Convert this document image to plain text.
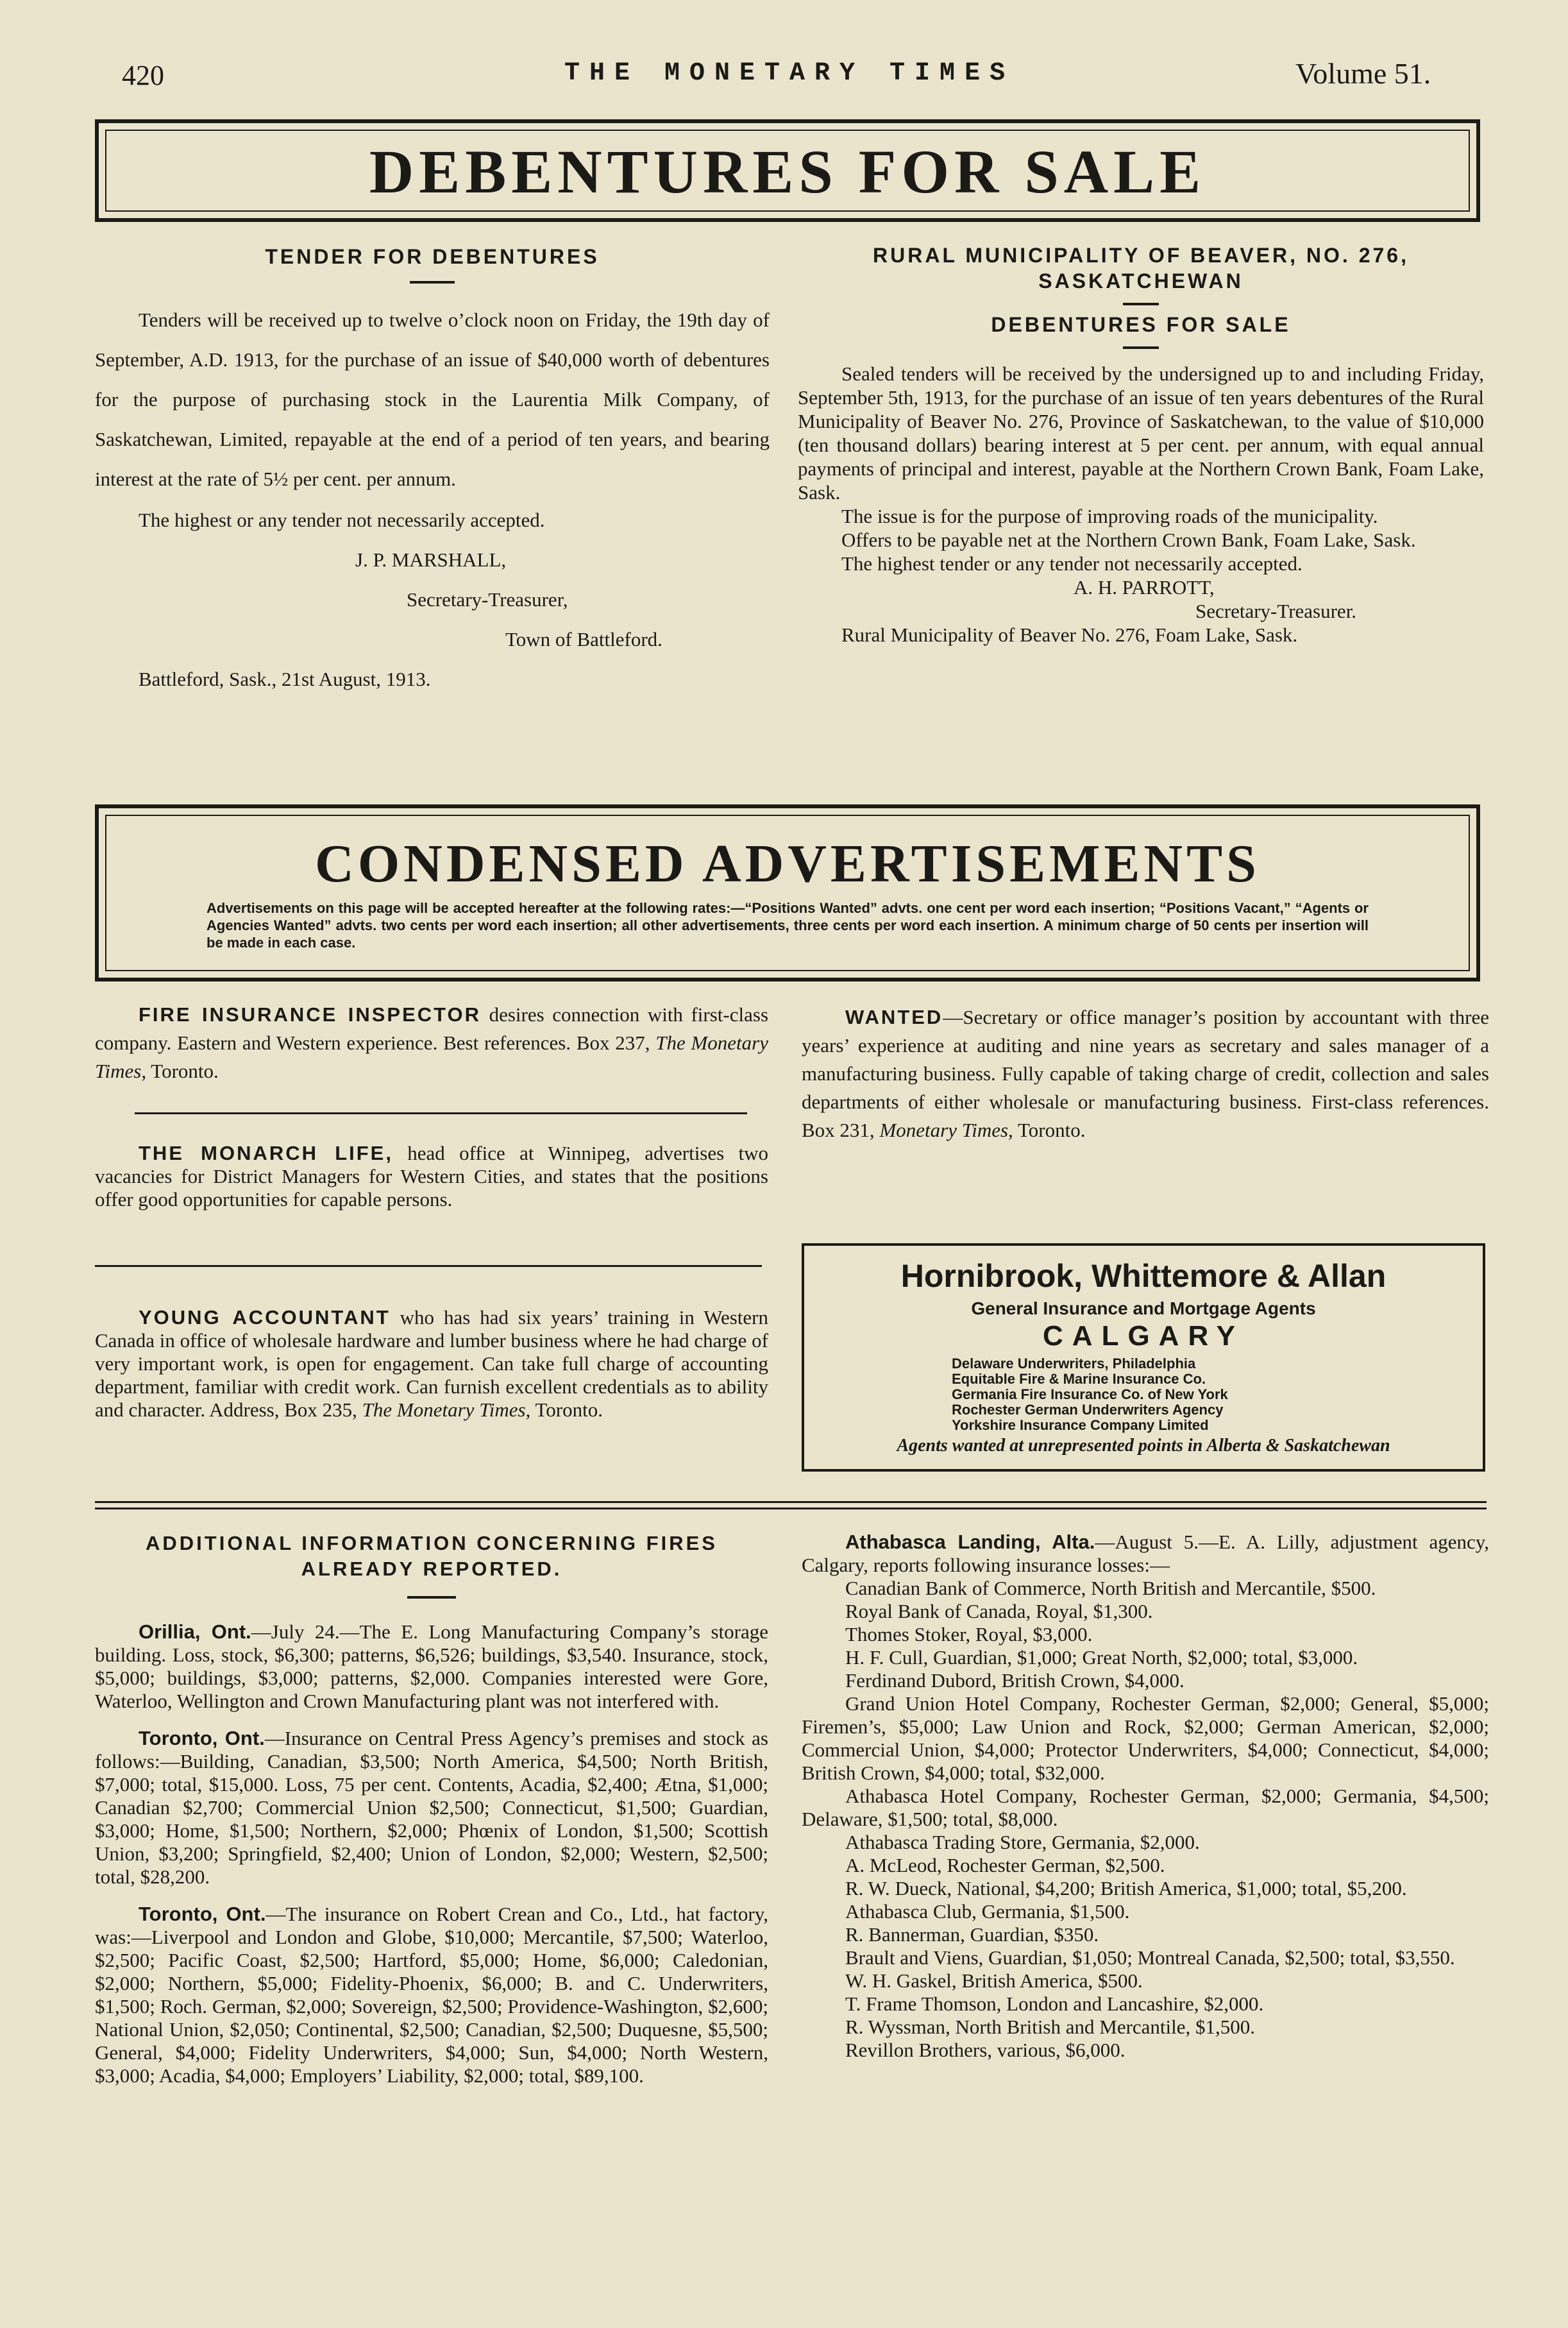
420	THE MONETARY TIMES	Volume 51.
DEBENTURES FOR SALE
TENDER FOR DEBENTURES

Tenders will be received up to twelve o’clock noon on Friday, the 19th day of September, A.D. 1913, for the purchase of an issue of $40,000 worth of debentures for the purpose of purchasing stock in the Laurentia Milk Company, of Saskatchewan, Limited, repayable at the end of a period of ten years, and bearing interest at the rate of 5½ per cent. per annum.

The highest or any tender not necessarily accepted.

J. P. MARSHALL,

Secretary-Treasurer,

Town of Battleford.

Battleford, Sask., 21st August, 1913.

RURAL MUNICIPALITY OF BEAVER, NO. 276,
SASKATCHEWAN
DEBENTURES FOR SALE

Sealed tenders will be received by the undersigned up to and including Friday, September 5th, 1913, for the purchase of an issue of ten years debentures of the Rural Municipality of Beaver No. 276, Province of Saskatchewan, to the value of $10,000 (ten thousand dollars) bearing interest at 5 per cent. per annum, with equal annual payments of principal and interest, payable at the Northern Crown Bank, Foam Lake, Sask.

The issue is for the purpose of improving roads of the municipality.

Offers to be payable net at the Northern Crown Bank, Foam Lake, Sask.

The highest tender or any tender not necessarily accepted.

A. H. PARROTT,

Secretary-Treasurer.

Rural Municipality of Beaver No. 276, Foam Lake, Sask.

CONDENSED ADVERTISEMENTS

Advertisements on this page will be accepted hereafter at the following rates:—“Positions Wanted” advts. one cent per word each insertion; “Positions Vacant,” “Agents or Agencies Wanted” advts. two cents per word each insertion; all other advertisements, three cents per word each insertion. A minimum charge of 50 cents per insertion will be made in each case.

FIRE INSURANCE INSPECTOR desires connection with first-class company. Eastern and Western experience. Best references. Box 237, The Monetary Times, Toronto.

THE MONARCH LIFE, head office at Winnipeg, advertises two vacancies for District Managers for Western Cities, and states that the positions offer good opportunities for capable persons.

YOUNG ACCOUNTANT who has had six years’ training in Western Canada in office of wholesale hardware and lumber business where he had charge of very important work, is open for engagement. Can take full charge of accounting department, familiar with credit work. Can furnish excellent credentials as to ability and character. Address, Box 235, The Monetary Times, Toronto.

WANTED—Secretary or office manager’s position by accountant with three years’ experience at auditing and nine years as secretary and sales manager of a manufacturing business. Fully capable of taking charge of credit, collection and sales departments of either wholesale or manufacturing business. First-class references. Box 231, Monetary Times, Toronto.

Hornibrook, Whittemore & Allan
General Insurance and Mortgage Agents
CALGARY
Delaware Underwriters, Philadelphia
Equitable Fire & Marine Insurance Co.
Germania Fire Insurance Co. of New York
Rochester German Underwriters Agency
Yorkshire Insurance Company Limited
Agents wanted at unrepresented points in Alberta & Saskatchewan
ADDITIONAL INFORMATION CONCERNING FIRES
ALREADY REPORTED.

Orillia, Ont.—July 24.—The E. Long Manufacturing Company’s storage building. Loss, stock, $6,300; patterns, $6,526; buildings, $3,540. Insurance, stock, $5,000; buildings, $3,000; patterns, $2,000. Companies interested were Gore, Waterloo, Wellington and Crown Manufacturing plant was not interfered with.

Toronto, Ont.—Insurance on Central Press Agency’s premises and stock as follows:—Building, Canadian, $3,500; North America, $4,500; North British, $7,000; total, $15,000. Loss, 75 per cent. Contents, Acadia, $2,400; Ætna, $1,000; Canadian $2,700; Commercial Union $2,500; Connecticut, $1,500; Guardian, $3,000; Home, $1,500; Northern, $2,000; Phœnix of London, $1,500; Scottish Union, $3,200; Springfield, $2,400; Union of London, $2,000; Western, $2,500; total, $28,200.

Toronto, Ont.—The insurance on Robert Crean and Co., Ltd., hat factory, was:—Liverpool and London and Globe, $10,000; Mercantile, $7,500; Waterloo, $2,500; Pacific Coast, $2,500; Hartford, $5,000; Home, $6,000; Caledonian, $2,000; Northern, $5,000; Fidelity-Phoenix, $6,000; B. and C. Underwriters, $1,500; Roch. German, $2,000; Sovereign, $2,500; Providence-Washington, $2,600; National Union, $2,050; Continental, $2,500; Canadian, $2,500; Duquesne, $5,500; General, $4,000; Fidelity Underwriters, $4,000; Sun, $4,000; North Western, $3,000; Acadia, $4,000; Employers’ Liability, $2,000; total, $89,100.

Athabasca Landing, Alta.—August 5.—E. A. Lilly, adjustment agency, Calgary, reports following insurance losses:—

Canadian Bank of Commerce, North British and Mercantile, $500.

Royal Bank of Canada, Royal, $1,300.

Thomes Stoker, Royal, $3,000.

H. F. Cull, Guardian, $1,000; Great North, $2,000; total, $3,000.

Ferdinand Dubord, British Crown, $4,000.

Grand Union Hotel Company, Rochester German, $2,000; General, $5,000; Firemen’s, $5,000; Law Union and Rock, $2,000; German American, $2,000; Commercial Union, $4,000; Protector Underwriters, $4,000; Connecticut, $4,000; British Crown, $4,000; total, $32,000.

Athabasca Hotel Company, Rochester German, $2,000; Germania, $4,500; Delaware, $1,500; total, $8,000.

Athabasca Trading Store, Germania, $2,000.

A. McLeod, Rochester German, $2,500.

R. W. Dueck, National, $4,200; British America, $1,000; total, $5,200.

Athabasca Club, Germania, $1,500.

R. Bannerman, Guardian, $350.

Brault and Viens, Guardian, $1,050; Montreal Canada, $2,500; total, $3,550.

W. H. Gaskel, British America, $500.

T. Frame Thomson, London and Lancashire, $2,000.

R. Wyssman, North British and Mercantile, $1,500.

Revillon Brothers, various, $6,000.
